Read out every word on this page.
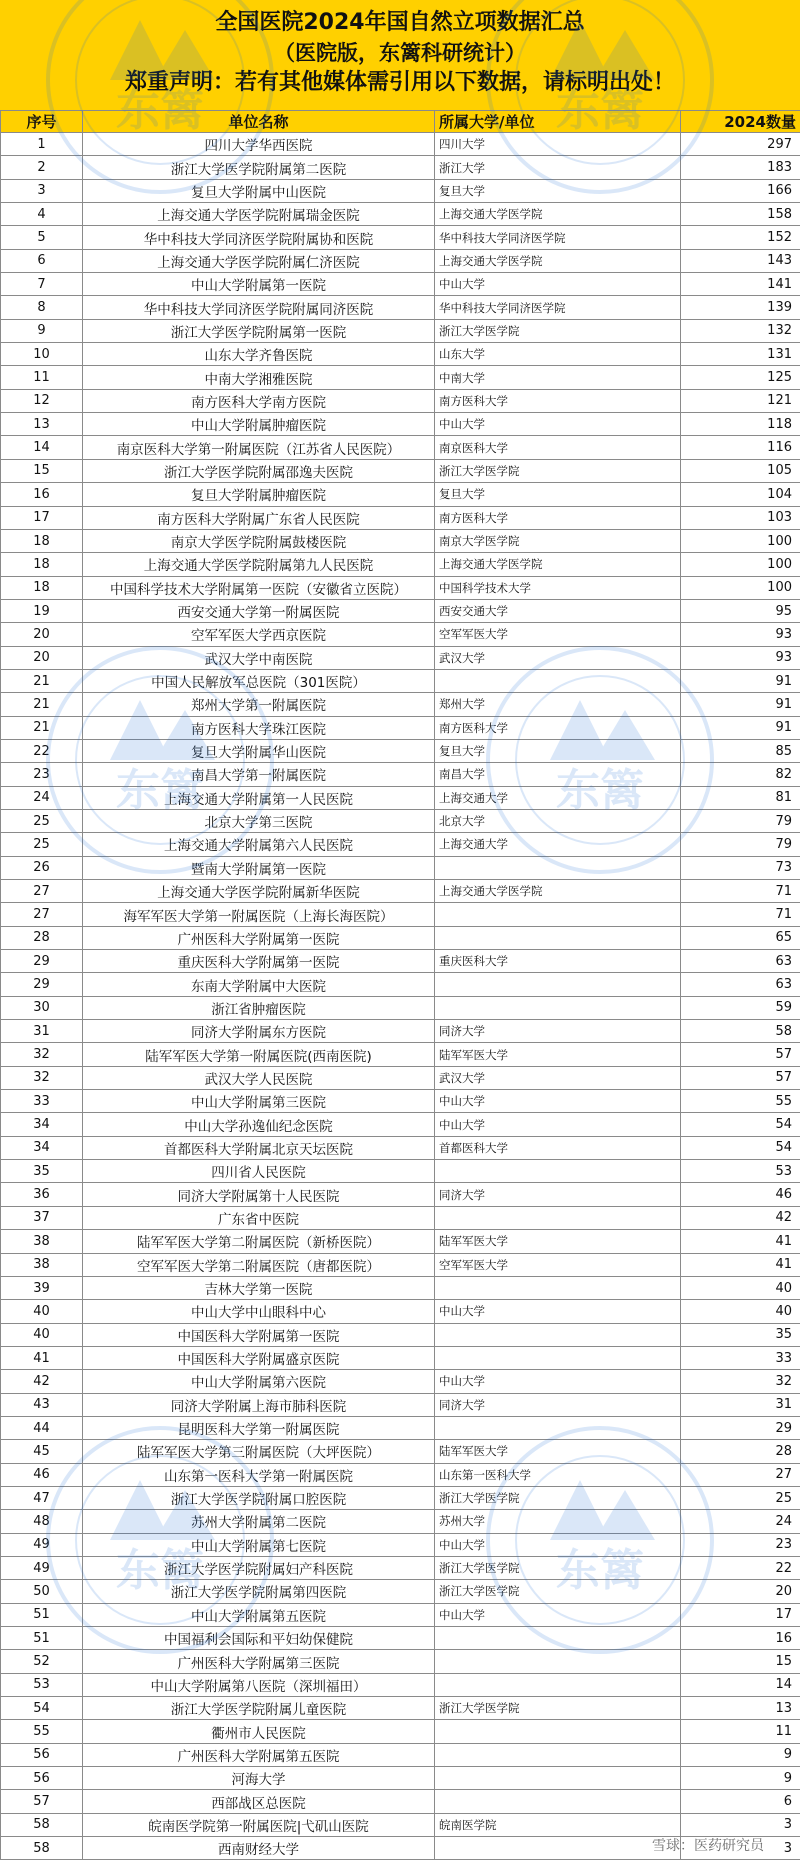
全国医院2024年国自然立项数据汇总
（医院版，东篱科研统计）
郑重声明：若有其他媒体需引用以下数据，请标明出处！
序号	单位名称	所属大学/单位	2024数量
1	四川大学华西医院	四川大学	297
2	浙江大学医学院附属第二医院	浙江大学	183
3	复旦大学附属中山医院	复旦大学	166
4	上海交通大学医学院附属瑞金医院	上海交通大学医学院	158
5	华中科技大学同济医学院附属协和医院	华中科技大学同济医学院	152
6	上海交通大学医学院附属仁济医院	上海交通大学医学院	143
7	中山大学附属第一医院	中山大学	141
8	华中科技大学同济医学院附属同济医院	华中科技大学同济医学院	139
9	浙江大学医学院附属第一医院	浙江大学医学院	132
10	山东大学齐鲁医院	山东大学	131
11	中南大学湘雅医院	中南大学	125
12	南方医科大学南方医院	南方医科大学	121
13	中山大学附属肿瘤医院	中山大学	118
14	南京医科大学第一附属医院（江苏省人民医院）	南京医科大学	116
15	浙江大学医学院附属邵逸夫医院	浙江大学医学院	105
16	复旦大学附属肿瘤医院	复旦大学	104
17	南方医科大学附属广东省人民医院	南方医科大学	103
18	南京大学医学院附属鼓楼医院	南京大学医学院	100
18	上海交通大学医学院附属第九人民医院	上海交通大学医学院	100
18	中国科学技术大学附属第一医院（安徽省立医院）	中国科学技术大学	100
19	西安交通大学第一附属医院	西安交通大学	95
20	空军军医大学西京医院	空军军医大学	93
20	武汉大学中南医院	武汉大学	93
21	中国人民解放军总医院（301医院）		91
21	郑州大学第一附属医院	郑州大学	91
21	南方医科大学珠江医院	南方医科大学	91
22	复旦大学附属华山医院	复旦大学	85
23	南昌大学第一附属医院	南昌大学	82
24	上海交通大学附属第一人民医院	上海交通大学	81
25	北京大学第三医院	北京大学	79
25	上海交通大学附属第六人民医院	上海交通大学	79
26	暨南大学附属第一医院		73
27	上海交通大学医学院附属新华医院	上海交通大学医学院	71
27	海军军医大学第一附属医院（上海长海医院）		71
28	广州医科大学附属第一医院		65
29	重庆医科大学附属第一医院	重庆医科大学	63
29	东南大学附属中大医院		63
30	浙江省肿瘤医院		59
31	同济大学附属东方医院	同济大学	58
32	陆军军医大学第一附属医院(西南医院)	陆军军医大学	57
32	武汉大学人民医院	武汉大学	57
33	中山大学附属第三医院	中山大学	55
34	中山大学孙逸仙纪念医院	中山大学	54
34	首都医科大学附属北京天坛医院	首都医科大学	54
35	四川省人民医院		53
36	同济大学附属第十人民医院	同济大学	46
37	广东省中医院		42
38	陆军军医大学第二附属医院（新桥医院）	陆军军医大学	41
38	空军军医大学第二附属医院（唐都医院）	空军军医大学	41
39	吉林大学第一医院		40
40	中山大学中山眼科中心	中山大学	40
40	中国医科大学附属第一医院		35
41	中国医科大学附属盛京医院		33
42	中山大学附属第六医院	中山大学	32
43	同济大学附属上海市肺科医院	同济大学	31
44	昆明医科大学第一附属医院		29
45	陆军军医大学第三附属医院（大坪医院）	陆军军医大学	28
46	山东第一医科大学第一附属医院	山东第一医科大学	27
47	浙江大学医学院附属口腔医院	浙江大学医学院	25
48	苏州大学附属第二医院	苏州大学	24
49	中山大学附属第七医院	中山大学	23
49	浙江大学医学院附属妇产科医院	浙江大学医学院	22
50	浙江大学医学院附属第四医院	浙江大学医学院	20
51	中山大学附属第五医院	中山大学	17
51	中国福利会国际和平妇幼保健院		16
52	广州医科大学附属第三医院		15
53	中山大学附属第八医院（深圳福田）		14
54	浙江大学医学院附属儿童医院	浙江大学医学院	13
55	衢州市人民医院		11
56	广州医科大学附属第五医院		9
56	河海大学		9
57	西部战区总医院		6
58	皖南医学院第一附属医院|弋矶山医院	皖南医学院	3
58	西南财经大学		3
东篱	东篱
东篱	东篱
雪球：医药研究员
